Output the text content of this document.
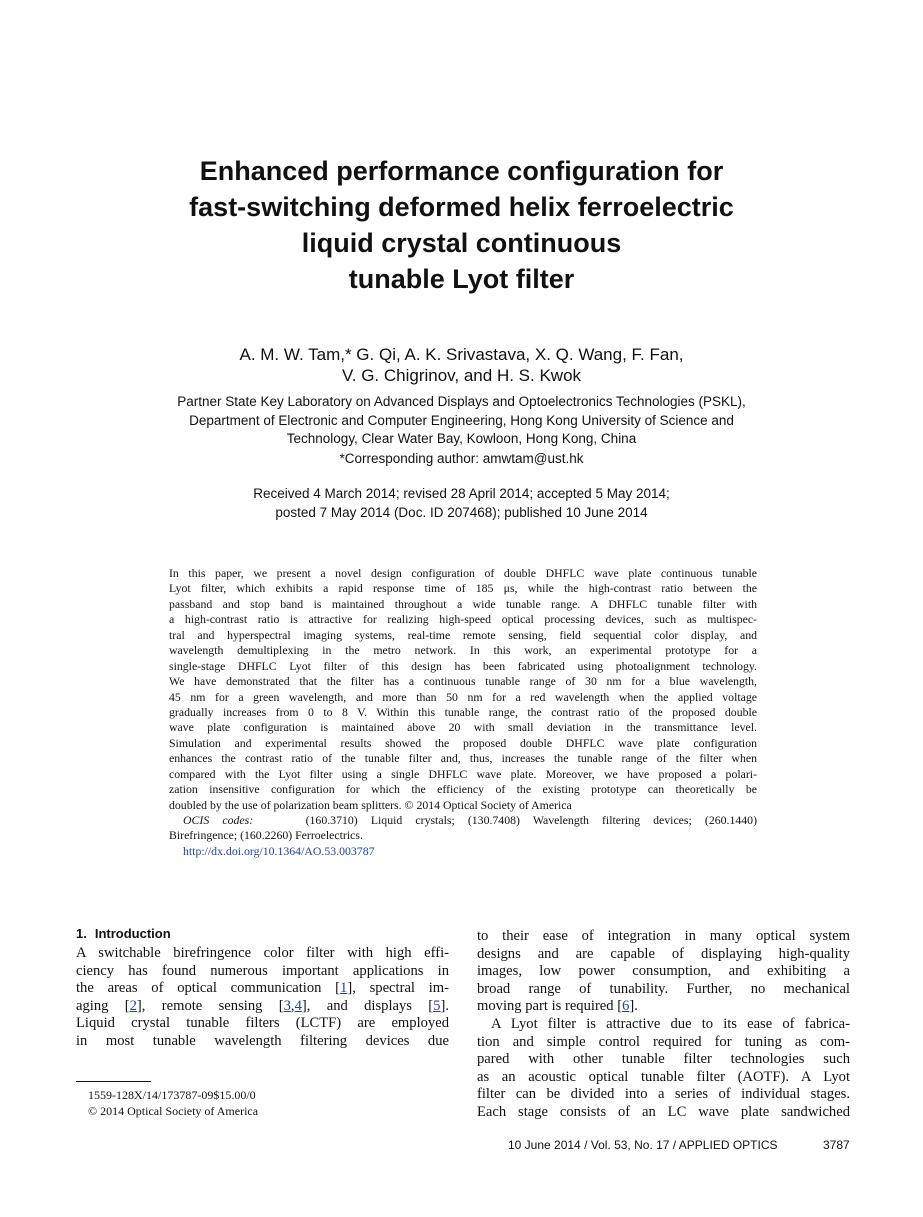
Enhanced performance configuration for
fast-switching deformed helix ferroelectric
liquid crystal continuous
tunable Lyot filter
A. M. W. Tam,* G. Qi, A. K. Srivastava, X. Q. Wang, F. Fan,
V. G. Chigrinov, and H. S. Kwok
Partner State Key Laboratory on Advanced Displays and Optoelectronics Technologies (PSKL),
Department of Electronic and Computer Engineering, Hong Kong University of Science and
Technology, Clear Water Bay, Kowloon, Hong Kong, China
*Corresponding author: amwtam@ust.hk
Received 4 March 2014; revised 28 April 2014; accepted 5 May 2014;
posted 7 May 2014 (Doc. ID 207468); published 10 June 2014
In this paper, we present a novel design configuration of double DHFLC wave plate continuous tunable
Lyot filter, which exhibits a rapid response time of 185 μs, while the high-contrast ratio between the
passband and stop band is maintained throughout a wide tunable range. A DHFLC tunable filter with
a high-contrast ratio is attractive for realizing high-speed optical processing devices, such as multispec-
tral and hyperspectral imaging systems, real-time remote sensing, field sequential color display, and
wavelength demultiplexing in the metro network. In this work, an experimental prototype for a
single-stage DHFLC Lyot filter of this design has been fabricated using photoalignment technology.
We have demonstrated that the filter has a continuous tunable range of 30 nm for a blue wavelength,
45 nm for a green wavelength, and more than 50 nm for a red wavelength when the applied voltage
gradually increases from 0 to 8 V. Within this tunable range, the contrast ratio of the proposed double
wave plate configuration is maintained above 20 with small deviation in the transmittance level.
Simulation and experimental results showed the proposed double DHFLC wave plate configuration
enhances the contrast ratio of the tunable filter and, thus, increases the tunable range of the filter when
compared with the Lyot filter using a single DHFLC wave plate. Moreover, we have proposed a polari-
zation insensitive configuration for which the efficiency of the existing prototype can theoretically be
doubled by the use of polarization beam splitters. © 2014 Optical Society of America
OCIS codes:	(160.3710) Liquid crystals; (130.7408) Wavelength filtering devices; (260.1440)
Birefringence; (160.2260) Ferroelectrics.
http://dx.doi.org/10.1364/AO.53.003787
1. Introduction
A switchable birefringence color filter with high effi-
ciency has found numerous important applications in
the areas of optical communication [1], spectral im-
aging [2], remote sensing [3,4], and displays [5].
Liquid crystal tunable filters (LCTF) are employed
in most tunable wavelength filtering devices due
to their ease of integration in many optical system
designs and are capable of displaying high-quality
images, low power consumption, and exhibiting a
broad range of tunability. Further, no mechanical
moving part is required [6].
A Lyot filter is attractive due to its ease of fabrica-
tion and simple control required for tuning as com-
pared with other tunable filter technologies such
as an acoustic optical tunable filter (AOTF). A Lyot
filter can be divided into a series of individual stages.
Each stage consists of an LC wave plate sandwiched
1559-128X/14/173787-09$15.00/0
© 2014 Optical Society of America
10 June 2014 / Vol. 53, No. 17 / APPLIED OPTICS	3787
